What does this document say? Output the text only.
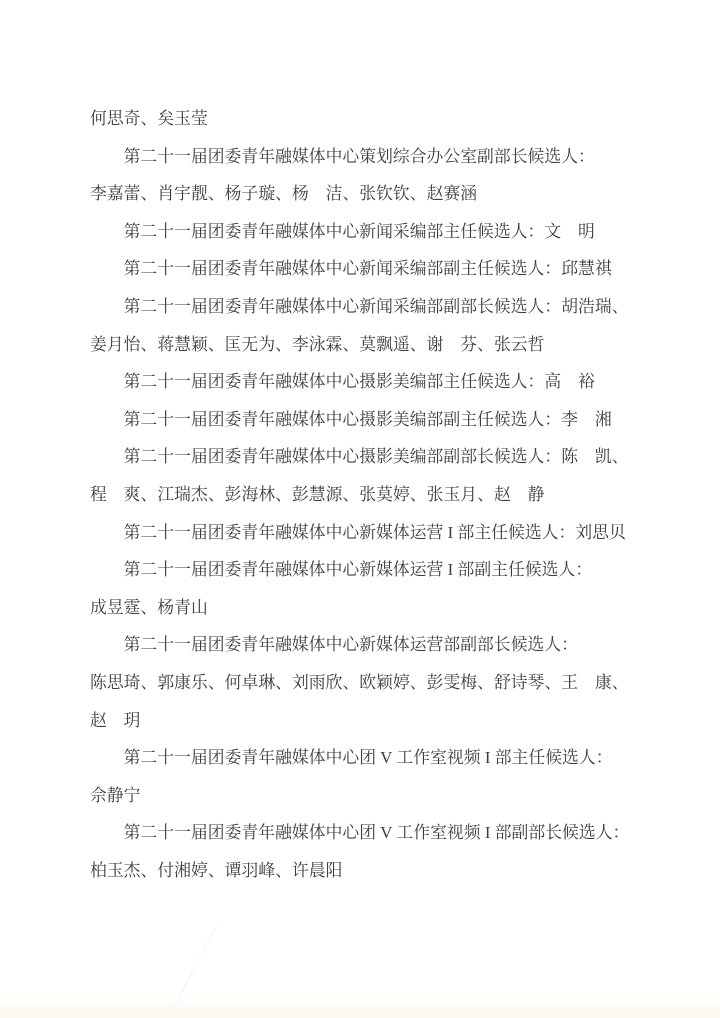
何思奇、矣玉莹
第二十一届团委青年融媒体中心策划综合办公室副部长候选人：
李嘉蕾、肖宇靓、杨子璇、杨　洁、张钦钦、赵赛涵
第二十一届团委青年融媒体中心新闻采编部主任候选人：文　明
第二十一届团委青年融媒体中心新闻采编部副主任候选人：邱慧祺
第二十一届团委青年融媒体中心新闻采编部副部长候选人：胡浩瑞、
姜月怡、蒋慧颖、匡无为、李泳霖、莫飘遥、谢　芬、张云哲
第二十一届团委青年融媒体中心摄影美编部主任候选人：高　裕
第二十一届团委青年融媒体中心摄影美编部副主任候选人：李　湘
第二十一届团委青年融媒体中心摄影美编部副部长候选人：陈　凯、
程　爽、江瑞杰、彭海林、彭慧源、张莫婷、张玉月、赵　静
第二十一届团委青年融媒体中心新媒体运营 I 部主任候选人：刘思贝
第二十一届团委青年融媒体中心新媒体运营 I 部副主任候选人：
成昱霆、杨青山
第二十一届团委青年融媒体中心新媒体运营部副部长候选人：
陈思琦、郭康乐、何卓琳、刘雨欣、欧颖婷、彭雯梅、舒诗琴、王　康、
赵　玥
第二十一届团委青年融媒体中心团 V 工作室视频 I 部主任候选人：
佘静宁
第二十一届团委青年融媒体中心团 V 工作室视频 I 部副部长候选人：
柏玉杰、付湘婷、谭羽峰、许晨阳
